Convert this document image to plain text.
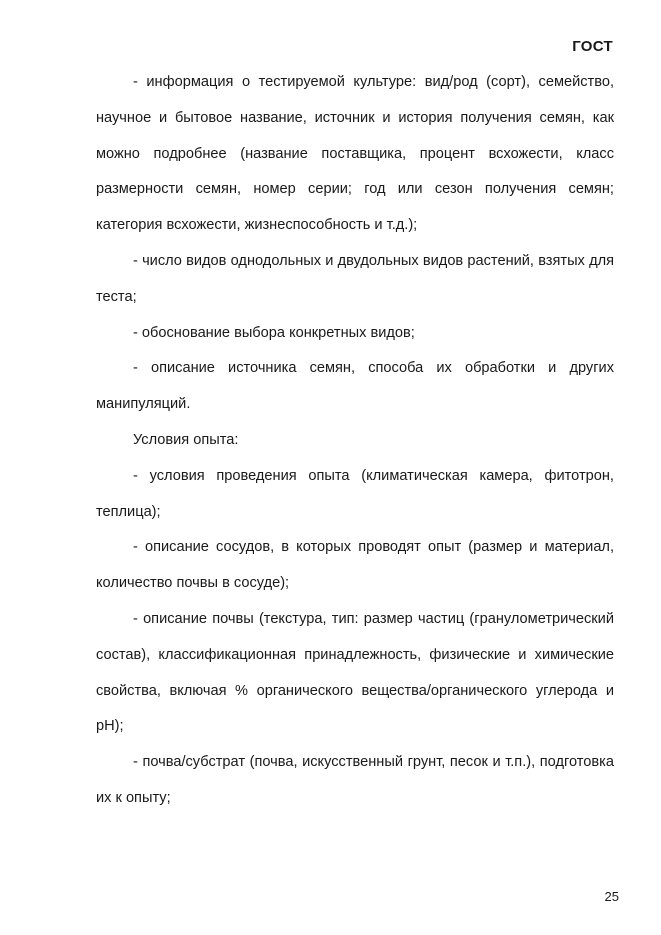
ГОСТ

- информация о тестируемой культуре: вид/род (сорт), семейство, научное и бытовое название, источник и история получения семян, как можно подробнее (название поставщика, процент всхожести, класс размерности семян, номер серии; год или сезон получения семян; категория всхожести, жизнеспособность и т.д.);

- число видов однодольных и двудольных видов растений, взятых для теста;

- обоснование выбора конкретных видов;

- описание источника семян, способа их обработки и других манипуляций.

Условия опыта:

- условия проведения опыта (климатическая камера, фитотрон, теплица);

- описание сосудов, в которых проводят опыт (размер и материал, количество почвы в сосуде);

- описание почвы (текстура, тип: размер частиц (гранулометрический состав), классификационная принадлежность, физические и химические свойства, включая % органического вещества/органического углерода и pH);

- почва/субстрат (почва, искусственный грунт, песок и т.п.), подготовка их к опыту;

25
